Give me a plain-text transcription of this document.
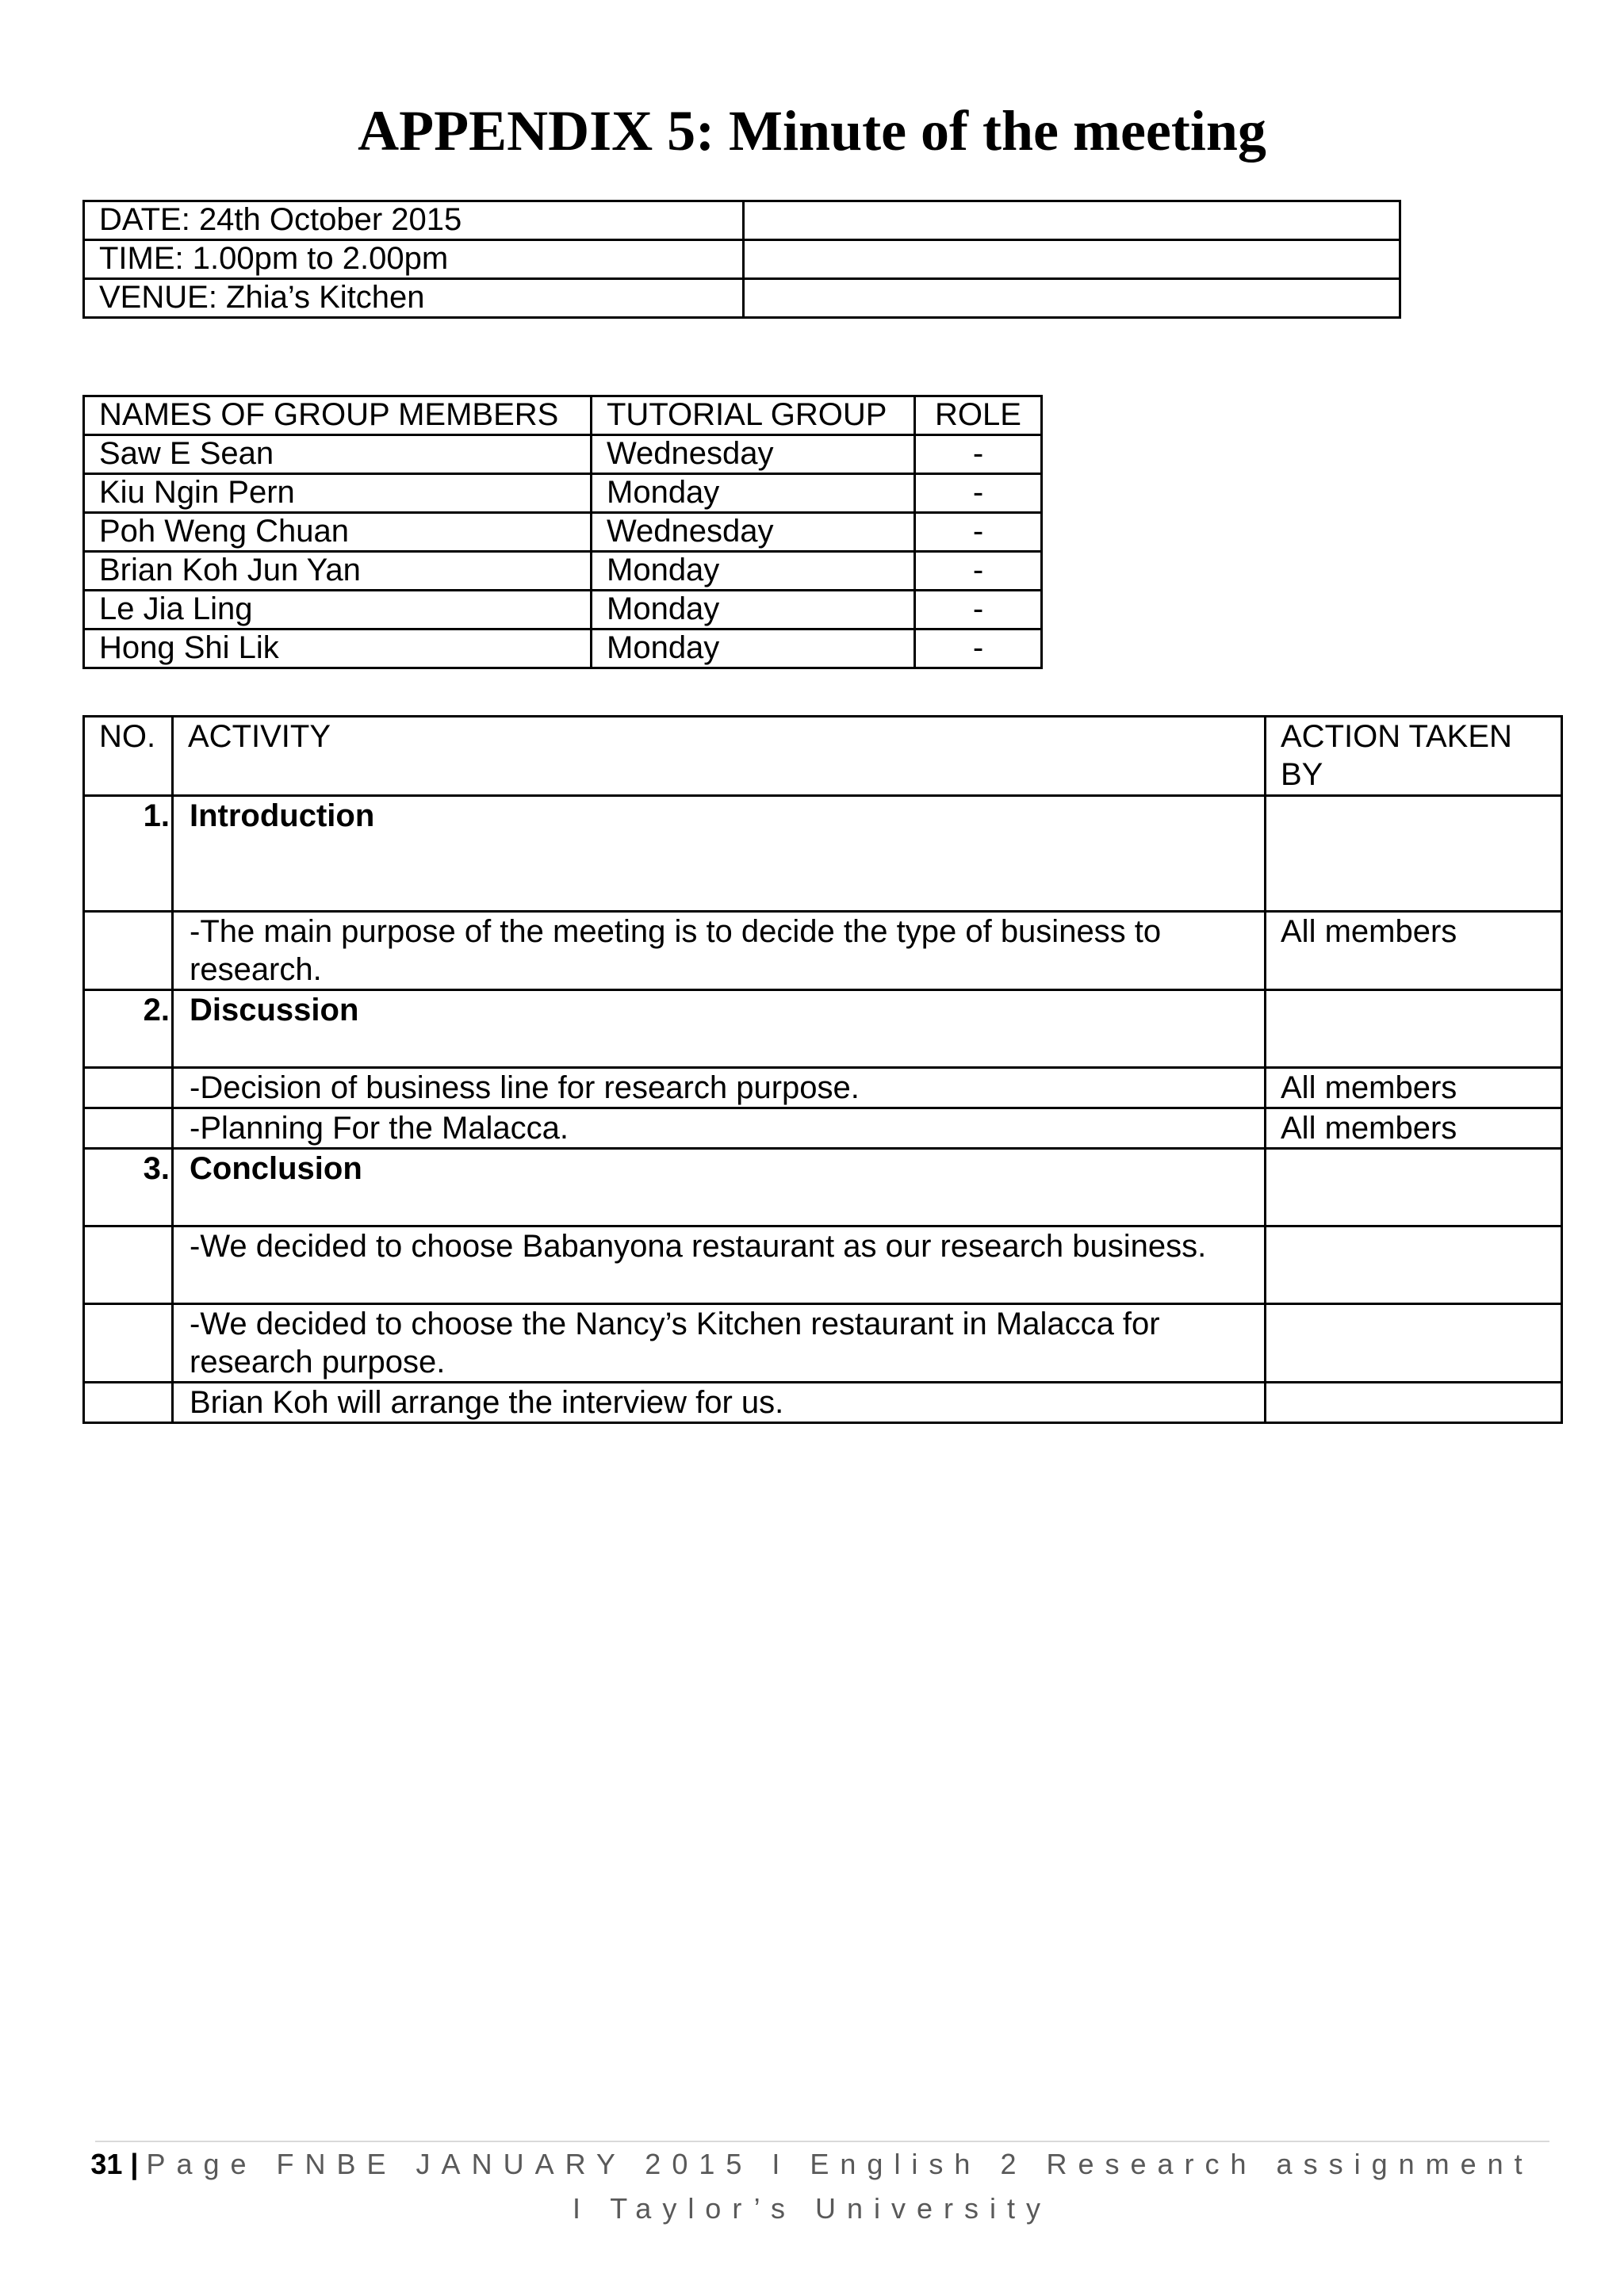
APPENDIX 5: Minute of the meeting
DATE: 24th October 2015	
TIME: 1.00pm to 2.00pm	
VENUE: Zhia’s Kitchen	
NAMES OF GROUP MEMBERS	TUTORIAL GROUP	ROLE
Saw E Sean	Wednesday	-
Kiu Ngin Pern	Monday	-
Poh Weng Chuan	Wednesday	-
Brian Koh Jun Yan	Monday	-
Le Jia Ling	Monday	-
Hong Shi Lik	Monday	-
NO.	ACTIVITY	ACTION TAKEN BY
1.	Introduction	
	-The main purpose of the meeting is to decide the type of business to research.	All members
2.	Discussion	
	-Decision of business line for research purpose.	All members
	-Planning For the Malacca.	All members
3.	Conclusion	
	-We decided to choose Babanyona restaurant as our research business.	
	-We decided to choose the Nancy’s Kitchen restaurant in Malacca for research purpose.	
	Brian Koh will arrange the interview for us.	
31 | Page FNBE JANUARY 2015 I English 2 Research assignment
I Taylor’s University
